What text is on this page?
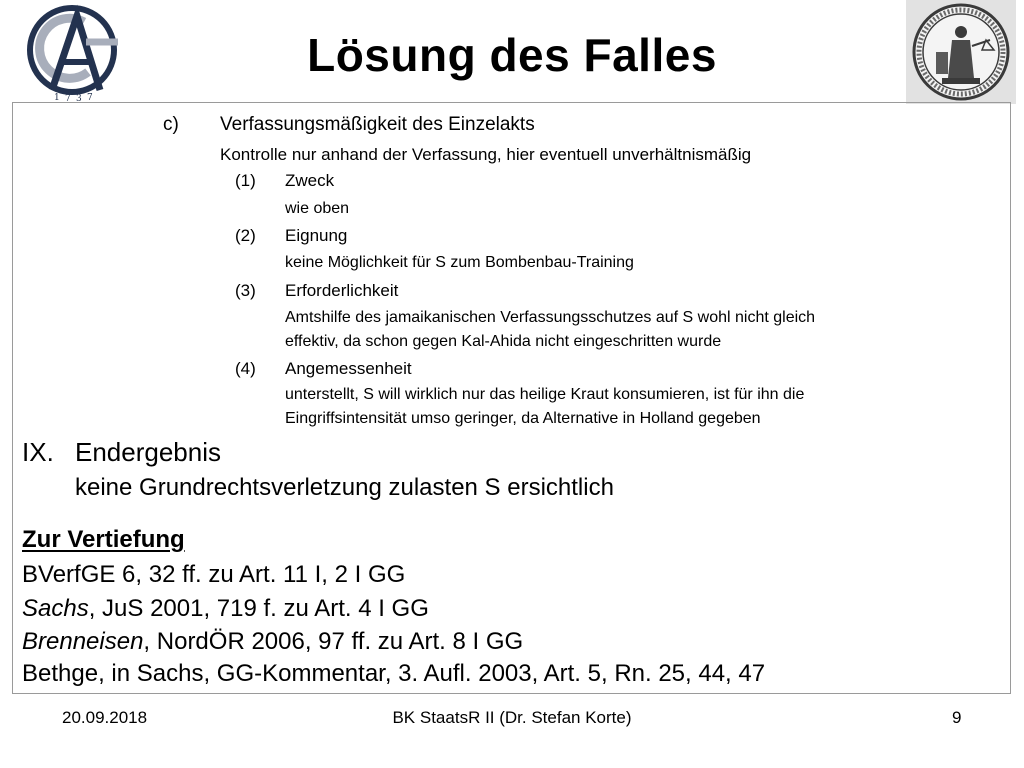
Lösung des Falles
1 7 3 7
c) Verfassungsmäßigkeit des Einzelakts
Kontrolle nur anhand der Verfassung, hier eventuell unverhältnismäßig
(1) Zweck
wie oben
(2) Eignung
keine Möglichkeit für S zum Bombenbau-Training
(3) Erforderlichkeit
Amtshilfe des jamaikanischen Verfassungsschutzes auf S wohl nicht gleich
effektiv, da schon gegen Kal-Ahida nicht eingeschritten wurde
(4) Angemessenheit
unterstellt, S will wirklich nur das heilige Kraut konsumieren, ist für ihn die
Eingriffsintensität umso geringer, da Alternative in Holland gegeben
IX. Endergebnis
keine Grundrechtsverletzung zulasten S ersichtlich
Zur Vertiefung
BVerfGE 6, 32 ff. zu Art. 11 I, 2 I GG
Sachs, JuS 2001, 719 f. zu Art. 4 I GG
Brenneisen, NordÖR 2006, 97 ff. zu Art. 8 I GG
Bethge, in Sachs, GG-Kommentar, 3. Aufl. 2003, Art. 5, Rn. 25, 44, 47
20.09.2018	BK StaatsR II (Dr. Stefan Korte)	9
